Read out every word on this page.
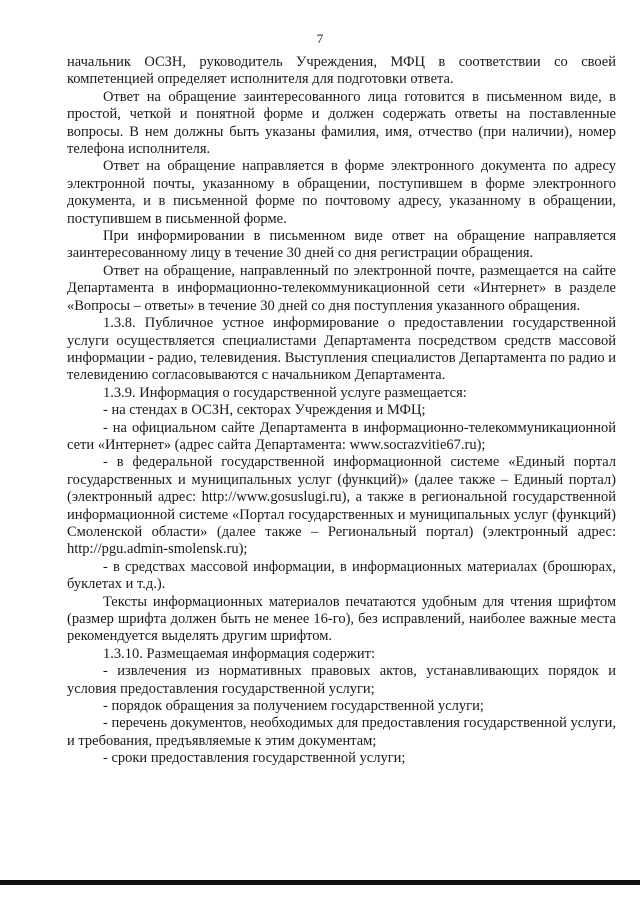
7

начальник ОСЗН, руководитель Учреждения, МФЦ в соответствии со своей компетенцией определяет исполнителя для подготовки ответа.

Ответ на обращение заинтересованного лица готовится в письменном виде, в простой, четкой и понятной форме и должен содержать ответы на поставленные вопросы. В нем должны быть указаны фамилия, имя, отчество (при наличии), номер телефона исполнителя.

Ответ на обращение направляется в форме электронного документа по адресу электронной почты, указанному в обращении, поступившем в форме электронного документа, и в письменной форме по почтовому адресу, указанному в обращении, поступившем в письменной форме.

При информировании в письменном виде ответ на обращение направляется заинтересованному лицу в течение 30 дней со дня регистрации обращения.

Ответ на обращение, направленный по электронной почте, размещается на сайте Департамента в информационно-телекоммуникационной сети «Интернет» в разделе «Вопросы – ответы» в течение 30 дней со дня поступления указанного обращения.

1.3.8. Публичное устное информирование о предоставлении государственной услуги осуществляется специалистами Департамента посредством средств массовой информации - радио, телевидения. Выступления специалистов Департамента по радио и телевидению согласовываются с начальником Департамента.

1.3.9. Информация о государственной услуге размещается:

- на стендах в ОСЗН, секторах Учреждения и МФЦ;

- на официальном сайте Департамента в информационно-телекоммуникационной сети «Интернет» (адрес сайта Департамента: www.socrazvitie67.ru);

- в федеральной государственной информационной системе «Единый портал государственных и муниципальных услуг (функций)» (далее также – Единый портал) (электронный адрес: http://www.gosuslugi.ru), а также в региональной государственной информационной системе «Портал государственных и муниципальных услуг (функций) Смоленской области» (далее также – Региональный портал) (электронный адрес: http://pgu.admin-smolensk.ru);

- в средствах массовой информации, в информационных материалах (брошюрах, буклетах и т.д.).

Тексты информационных материалов печатаются удобным для чтения шрифтом (размер шрифта должен быть не менее 16-го), без исправлений, наиболее важные места рекомендуется выделять другим шрифтом.

1.3.10. Размещаемая информация содержит:

- извлечения из нормативных правовых актов, устанавливающих порядок и условия предоставления государственной услуги;

- порядок обращения за получением государственной услуги;

- перечень документов, необходимых для предоставления государственной услуги, и требования, предъявляемые к этим документам;

- сроки предоставления государственной услуги;
